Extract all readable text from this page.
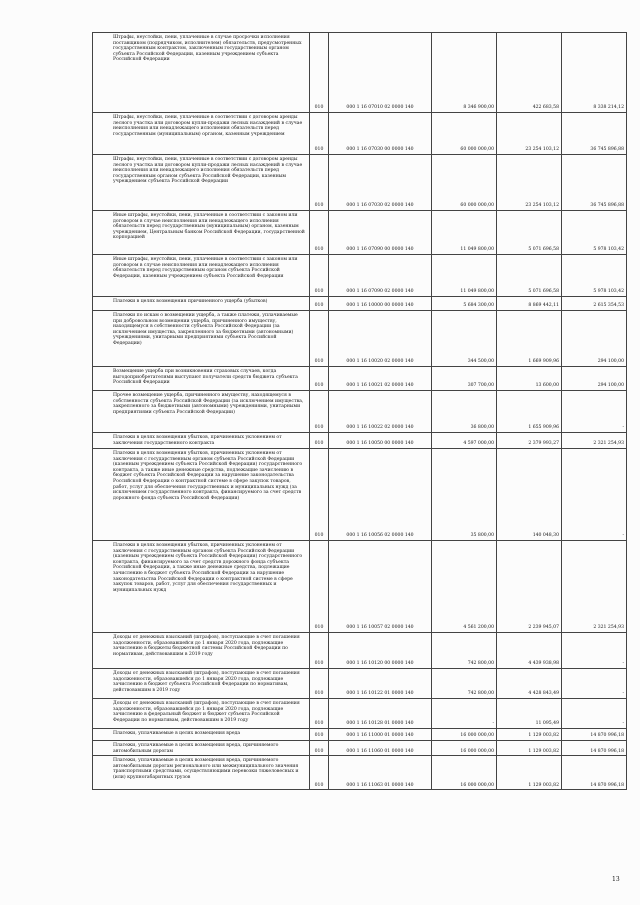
Штрафы, неустойки, пени, уплаченные в случае просрочки исполнения поставщиком (подрядчиком, исполнителем) обязательств, предусмотренных государственным контрактом, заключенным государственным органом субъекта Российской Федерации, казенным учреждением субъекта Российской Федерации	010	000 1 16 07010 02 0000 140	8 346 900,00	422 683,58	8 338 214,12
Штрафы, неустойки, пени, уплаченные в соответствии с договором аренды лесного участка или договором купли-продажи лесных насаждений в случае неисполнения или ненадлежащего исполнения обязательств перед государственным (муниципальным) органом, казенным учреждением	010	000 1 16 07030 00 0000 140	60 000 000,00	23 254 103,12	36 745 896,88
Штрафы, неустойки, пени, уплаченные в соответствии с договором аренды лесного участка или договором купли-продажи лесных насаждений в случае неисполнения или ненадлежащего исполнения обязательств перед государственным органом субъекта Российской Федерации, казенным учреждением субъекта Российской Федерации	010	000 1 16 07030 02 0000 140	60 000 000,00	23 254 103,12	36 745 896,88
Иные штрафы, неустойки, пени, уплаченные в соответствии с законом или договором в случае неисполнения или ненадлежащего исполнения обязательств перед государственным (муниципальным) органом, казенным учреждением, Центральным банком Российской Федерации, государственной корпорацией	010	000 1 16 07090 00 0000 140	11 049 800,00	5 071 696,58	5 978 103,42
Иные штрафы, неустойки, пени, уплаченные в соответствии с законом или договором в случае неисполнения или ненадлежащего исполнения обязательств перед государственным органом субъекта Российской Федерации, казенным учреждением субъекта Российской Федерации	010	000 1 16 07090 02 0000 140	11 049 800,00	5 071 696,58	5 978 103,42
Платежи в целях возмещения причиненного ущерба (убытков)	010	000 1 16 10000 00 0000 140	5 684 300,00	8 869 442,11	2 615 354,53
Платежи по искам о возмещении ущерба, а также платежи, уплачиваемые при добровольном возмещении ущерба, причиненного имуществу, находящемуся в собственности субъекта Российской Федерации (за исключением имущества, закрепленного за бюджетными (автономными) учреждениями, унитарными предприятиями субъекта Российской Федерации)	010	000 1 16 10020 02 0000 140	344 500,00	1 669 909,96	294 100,00
Возмещение ущерба при возникновении страховых случаев, когда выгодоприобретателями выступают получатели средств бюджета субъекта Российской Федерации	010	000 1 16 10021 02 0000 140	307 700,00	13 600,00	294 100,00
Прочее возмещение ущерба, причиненного имуществу, находящемуся в собственности субъекта Российской Федерации (за исключением имущества, закрепленного за бюджетными (автономными) учреждениями, унитарными предприятиями субъекта Российской Федерации)	010	000 1 16 10022 02 0000 140	36 800,00	1 655 909,96	-
Платежи в целях возмещения убытков, причиненных уклонением от заключения государственного контракта	010	000 1 16 10050 00 0000 140	4 597 000,00	2 379 993,27	2 321 254,93
Платежи в целях возмещения убытков, причиненных уклонением от заключения с государственным органом субъекта Российской Федерации (казенным учреждением субъекта Российской Федерации) государственного контракта, а также иные денежные средства, подлежащие зачислению в бюджет субъекта Российской Федерации за нарушение законодательства Российской Федерации о контрактной системе в сфере закупок товаров, работ, услуг для обеспечения государственных и муниципальных нужд (за исключением государственного контракта, финансируемого за счет средств дорожного фонда субъекта Российской Федерации)	010	000 1 16 10056 02 0000 140	35 800,00	140 048,30	-
Платежи в целях возмещения убытков, причиненных уклонением от заключения с государственным органом субъекта Российской Федерации (казенным учреждением субъекта Российской Федерации) государственного контракта, финансируемого за счет средств дорожного фонда субъекта Российской Федерации, а также иные денежные средства, подлежащие зачислению в бюджет субъекта Российской Федерации за нарушение законодательства Российской Федерации о контрактной системе в сфере закупок товаров, работ, услуг для обеспечения государственных и муниципальных нужд	010	000 1 16 10057 02 0000 140	4 561 200,00	2 239 945,07	2 321 254,93
Доходы от денежных взысканий (штрафов), поступающие в счет погашения задолженности, образовавшейся до 1 января 2020 года, подлежащие зачислению в бюджеты бюджетной системы Российской Федерации по нормативам, действовавшим в 2019 году	010	000 1 16 10120 00 0000 140	742 800,00	4 439 938,98	-
Доходы от денежных взысканий (штрафов), поступающие в счет погашения задолженности, образовавшейся до 1 января 2020 года, подлежащие зачислению в бюджет субъекта Российской Федерации по нормативам, действовавшим в 2019 году	010	000 1 16 10122 01 0000 140	742 800,00	4 428 843,49	-
Доходы от денежных взысканий (штрафов), поступающие в счет погашения задолженности, образовавшейся до 1 января 2020 года, подлежащие зачислению в федеральный бюджет и бюджет субъекта Российской Федерации по нормативам, действовавшим в 2019 году	010	000 1 16 10128 01 0000 140	-	11 095,49	-
Платежи, уплачиваемые в целях возмещения вреда	010	000 1 16 11000 01 0000 140	16 000 000,00	1 129 003,82	14 870 996,18
Платежи, уплачиваемые в целях возмещения вреда, причиняемого автомобильным дорогам	010	000 1 16 11060 01 0000 140	16 000 000,00	1 129 003,82	14 870 996,18
Платежи, уплачиваемые в целях возмещения вреда, причиняемого автомобильным дорогам регионального или межмуниципального значения транспортными средствами, осуществляющими перевозки тяжеловесных и (или) крупногабаритных грузов	010	000 1 16 11063 01 0000 140	16 000 000,00	1 129 003,82	14 870 996,18
13
